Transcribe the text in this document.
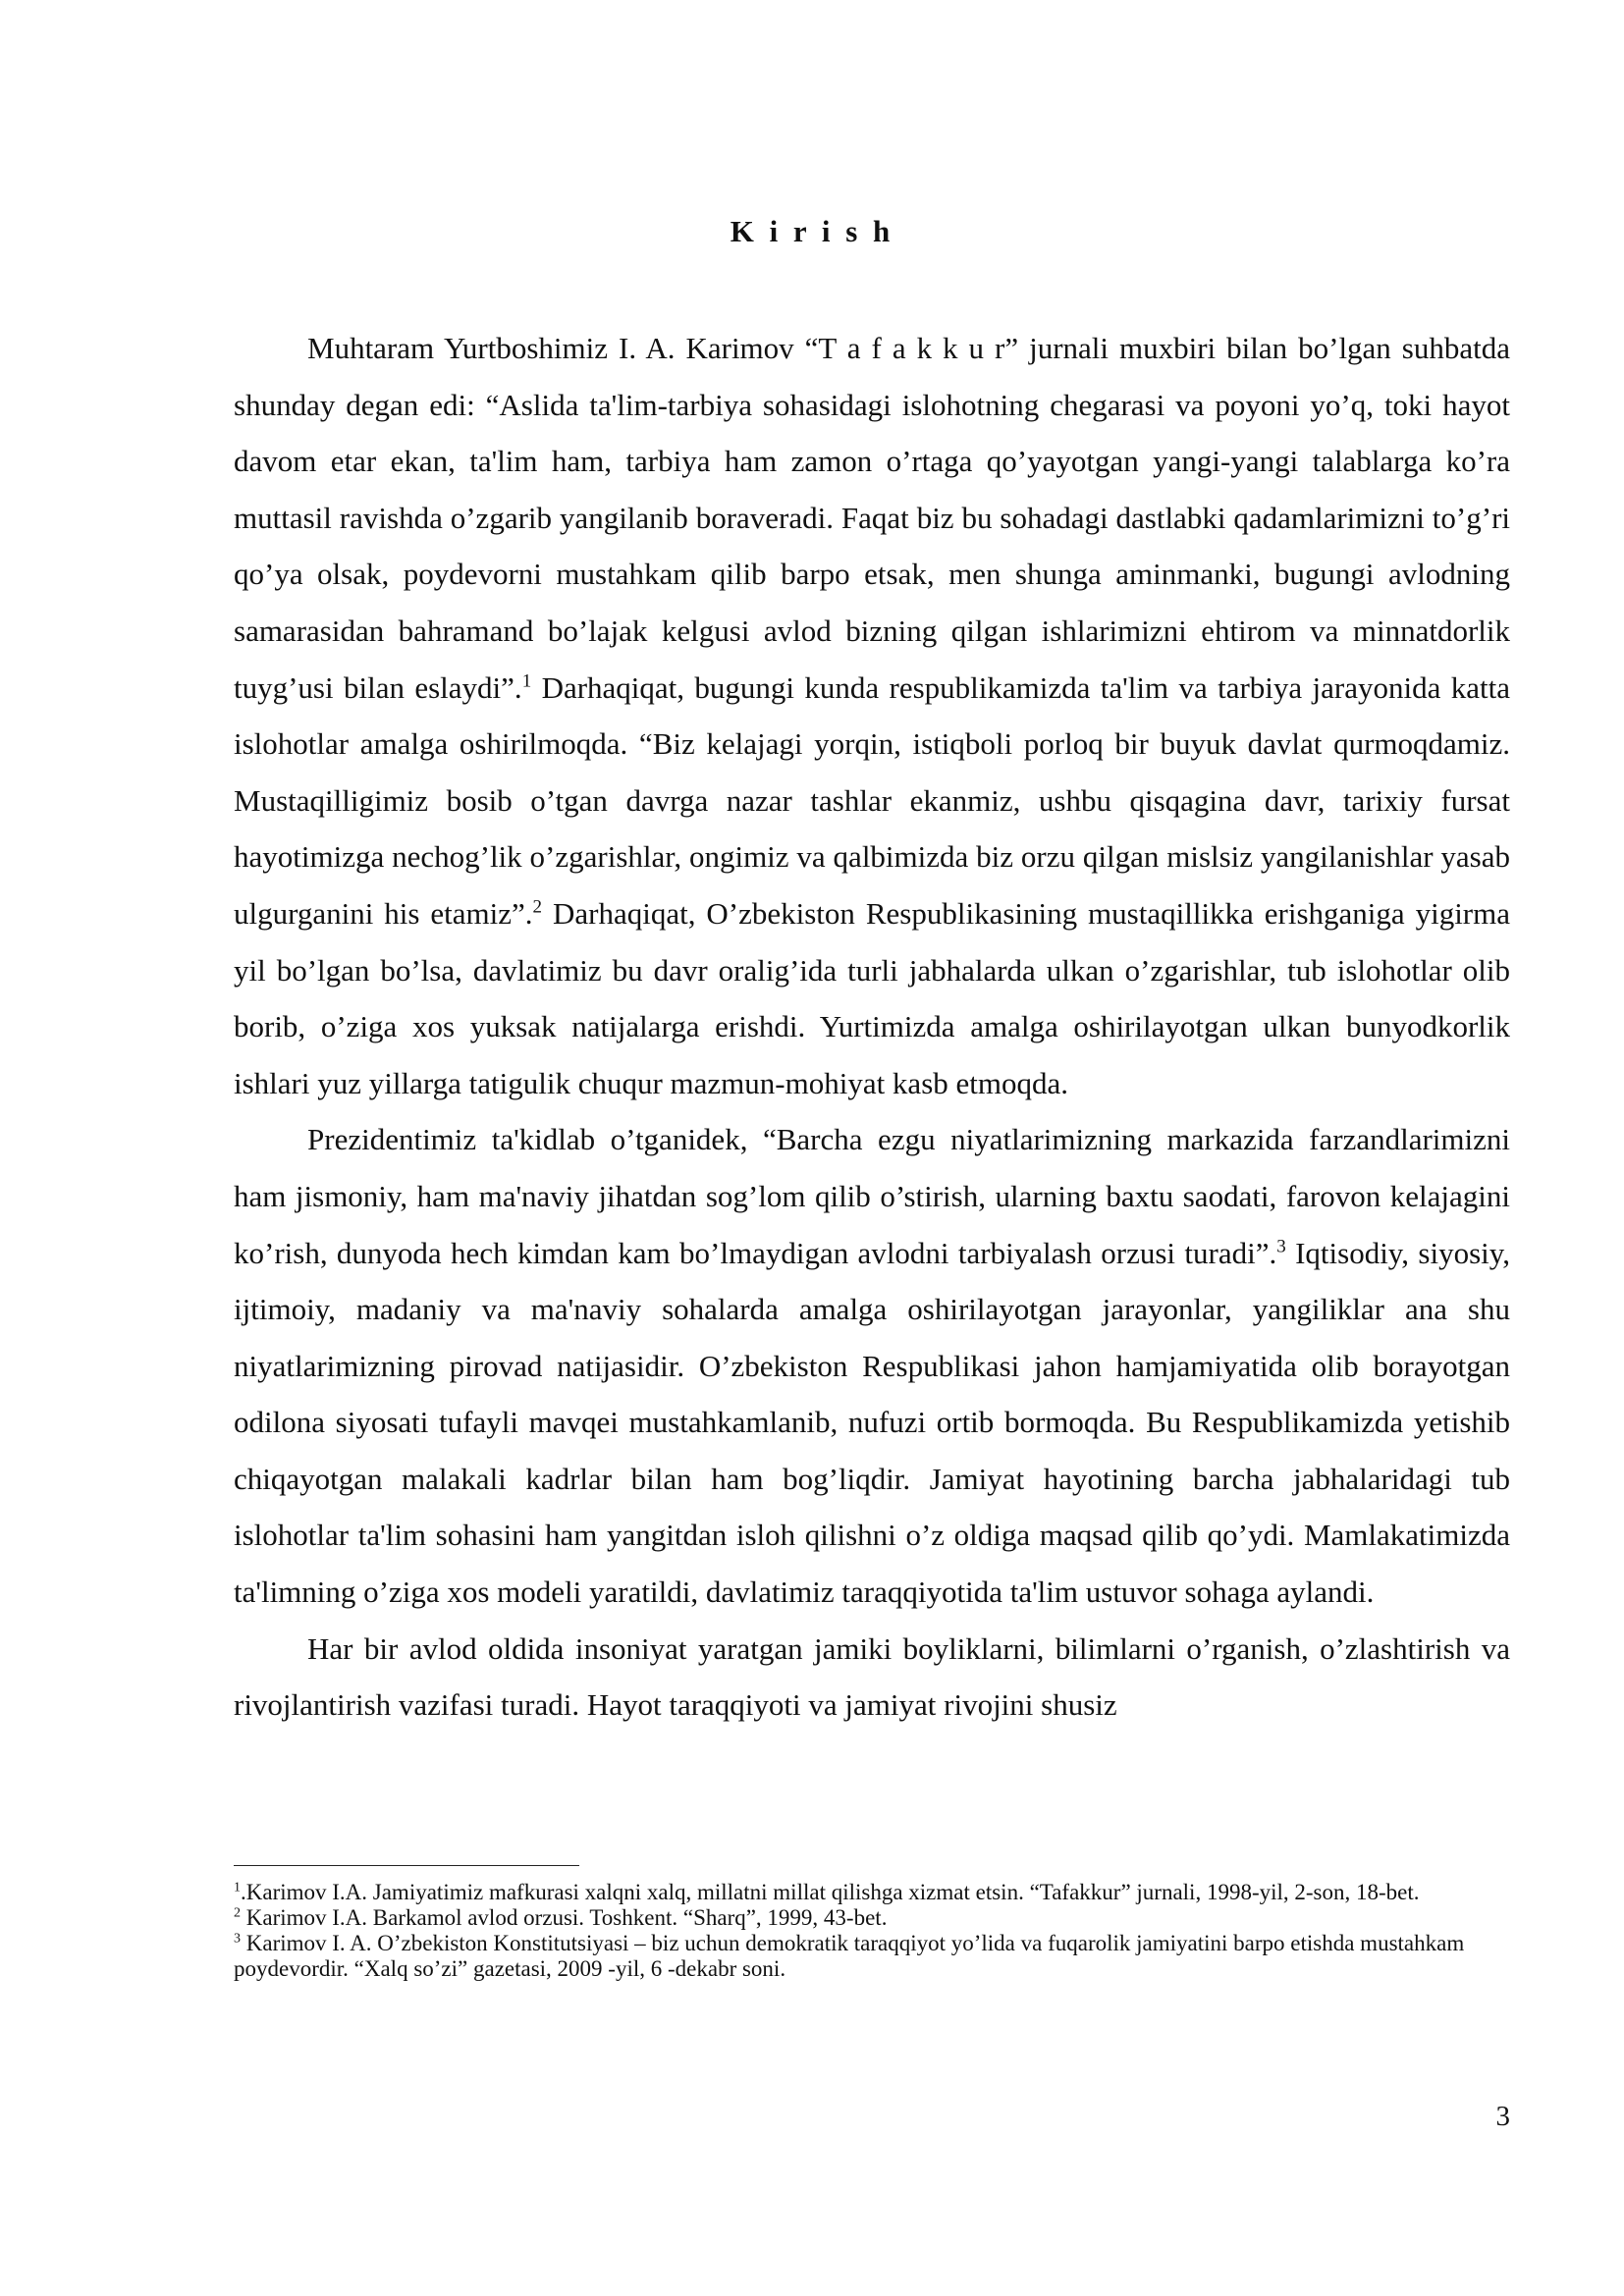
K i r i s h

Muhtaram Yurtboshimiz I. A. Karimov “T a f a k k u r” jurnali muxbiri bilan bo’lgan suhbatda shunday degan edi: “Aslida ta'lim-tarbiya sohasidagi islohotning chegarasi va poyoni yo’q, toki hayot davom etar ekan, ta'lim ham, tarbiya ham zamon o’rtaga qo’yayotgan yangi-yangi talablarga ko’ra muttasil ravishda o’zgarib yangilanib boraveradi. Faqat biz bu sohadagi dastlabki qadamlarimizni to’g’ri qo’ya olsak, poydevorni mustahkam qilib barpo etsak, men shunga aminmanki, bugungi avlodning samarasidan bahramand bo’lajak kelgusi avlod bizning qilgan ishlarimizni ehtirom va minnatdorlik tuyg’usi bilan eslaydi”.$^1$ Darhaqiqat, bugungi kunda respublikamizda ta'lim va tarbiya jarayonida katta islohotlar amalga oshirilmoqda. “Biz kelajagi yorqin, istiqboli porloq bir buyuk davlat qurmoqdamiz. Mustaqilligimiz bosib o’tgan davrga nazar tashlar ekanmiz, ushbu qisqagina davr, tarixiy fursat hayotimizga nechog’lik o’zgarishlar, ongimiz va qalbimizda biz orzu qilgan mislsiz yangilanishlar yasab ulgurganini his etamiz”.$^2$ Darhaqiqat, O’zbekiston Respublikasining mustaqillikka erishganiga yigirma yil bo’lgan bo’lsa, davlatimiz bu davr oralig’ida turli jabhalarda ulkan o’zgarishlar, tub islohotlar olib borib, o’ziga xos yuksak natijalarga erishdi. Yurtimizda amalga oshirilayotgan ulkan bunyodkorlik ishlari yuz yillarga tatigulik chuqur mazmun-mohiyat kasb etmoqda.

Prezidentimiz ta'kidlab o’tganidek, “Barcha ezgu niyatlarimizning markazida farzandlarimizni ham jismoniy, ham ma'naviy jihatdan sog’lom qilib o’stirish, ularning baxtu saodati, farovon kelajagini ko’rish, dunyoda hech kimdan kam bo’lmaydigan avlodni tarbiyalash orzusi turadi”.$^3$ Iqtisodiy, siyosiy, ijtimoiy, madaniy va ma'naviy sohalarda amalga oshirilayotgan jarayonlar, yangiliklar ana shu niyatlarimizning pirovad natijasidir. O’zbekiston Respublikasi jahon hamjamiyatida olib borayotgan odilona siyosati tufayli mavqei mustahkamlanib, nufuzi ortib bormoqda. Bu Respublikamizda yetishib chiqayotgan malakali kadrlar bilan ham bog’liqdir. Jamiyat hayotining barcha jabhalaridagi tub islohotlar ta'lim sohasini ham yangitdan isloh qilishni o’z oldiga maqsad qilib qo’ydi. Mamlakatimizda ta'limning o’ziga xos modeli yaratildi, davlatimiz taraqqiyotida ta'lim ustuvor sohaga aylandi.

Har bir avlod oldida insoniyat yaratgan jamiki boyliklarni, bilimlarni o’rganish, o’zlashtirish va rivojlantirish vazifasi turadi. Hayot taraqqiyoti va jamiyat rivojini shusiz

$^1$.Karimov I.A. Jamiyatimiz mafkurasi xalqni xalq, millatni millat qilishga xizmat etsin. “Tafakkur” jurnali, 1998-yil, 2-son, 18-bet.

$^2$ Karimov I.A. Barkamol avlod orzusi. Toshkent. “Sharq”, 1999, 43-bet.

$^3$ Karimov I. A. O’zbekiston Konstitutsiyasi – biz uchun demokratik taraqqiyot yo’lida va fuqarolik jamiyatini barpo etishda mustahkam poydevordir. “Xalq so’zi” gazetasi, 2009 -yil, 6 -dekabr soni.

3
